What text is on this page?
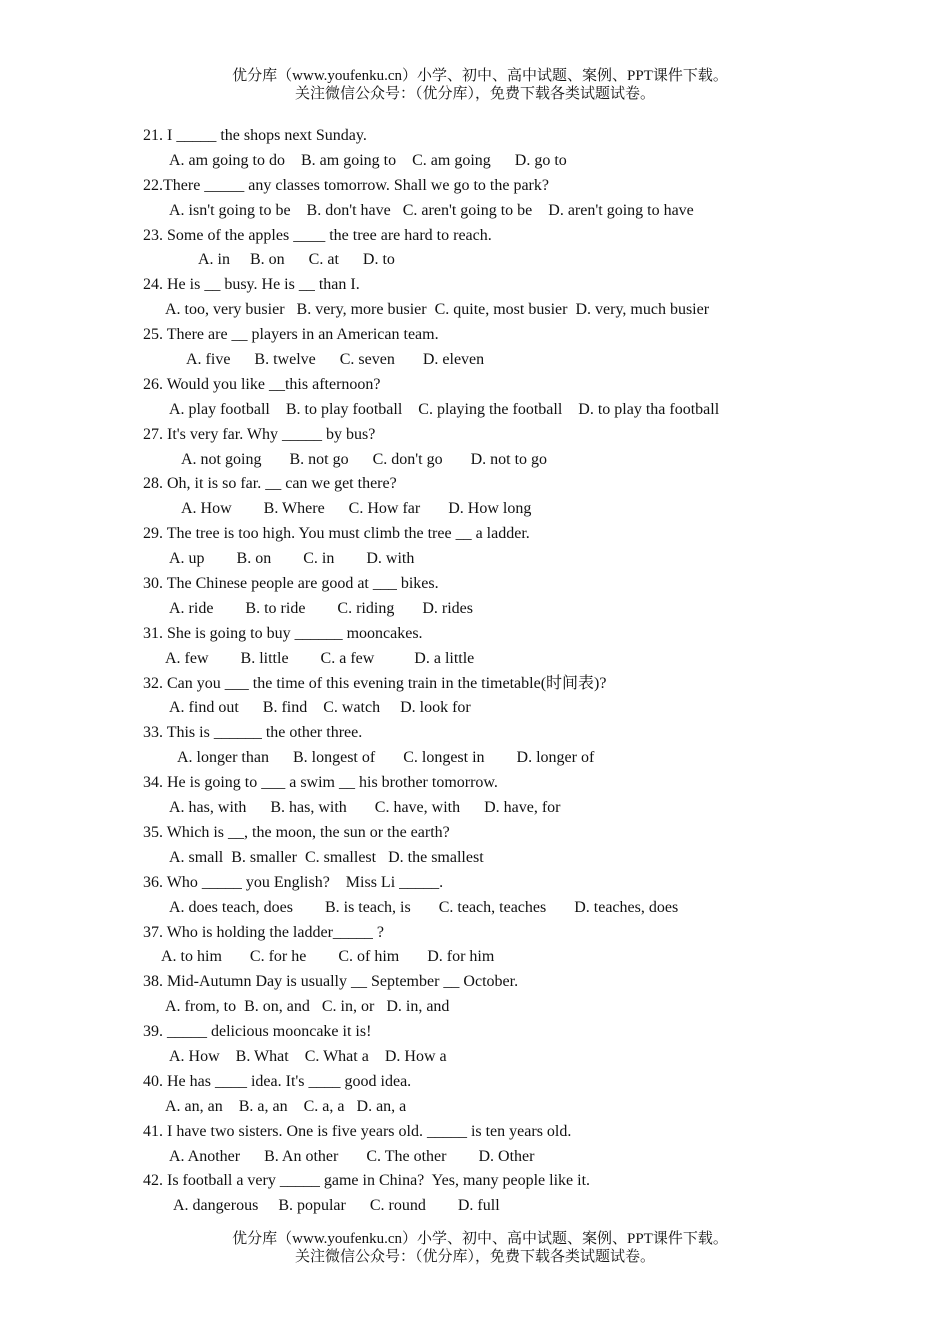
优分库（www.youfenku.cn）小学、初中、高中试题、案例、PPT课件下载。
关注微信公众号：（优分库），免费下载各类试题试卷。
21. I _____ the shops next Sunday.
A. am going to do    B. am going to    C. am going      D. go to
22.There _____ any classes tomorrow. Shall we go to the park?
A. isn't going to be    B. don't have   C. aren't going to be    D. aren't going to have
23. Some of the apples ____ the tree are hard to reach.
A. in     B. on      C. at      D. to
24. He is __ busy. He is __ than I.
A. too, very busier   B. very, more busier  C. quite, most busier  D. very, much busier
25. There are __ players in an American team.
A. five      B. twelve      C. seven       D. eleven
26. Would you like __this afternoon?
A. play football    B. to play football    C. playing the football    D. to play tha football
27. It's very far. Why _____ by bus?
A. not going       B. not go      C. don't go       D. not to go
28. Oh, it is so far. __ can we get there?
A. How        B. Where      C. How far       D. How long
29. The tree is too high. You must climb the tree __ a ladder.
A. up        B. on        C. in        D. with
30. The Chinese people are good at ___ bikes.
A. ride        B. to ride        C. riding       D. rides
31. She is going to buy ______ mooncakes.
A. few        B. little        C. a few          D. a little
32. Can you ___ the time of this evening train in the timetable(时间表)?
A. find out      B. find    C. watch     D. look for
33. This is ______ the other three.
A. longer than      B. longest of       C. longest in        D. longer of
34. He is going to ___ a swim __ his brother tomorrow.
A. has, with      B. has, with       C. have, with      D. have, for
35. Which is __, the moon, the sun or the earth?
A. small  B. smaller  C. smallest   D. the smallest
36. Who _____ you English?    Miss Li _____.
A. does teach, does        B. is teach, is       C. teach, teaches       D. teaches, does
37. Who is holding the ladder_____ ?
A. to him       C. for he        C. of him       D. for him
38. Mid-Autumn Day is usually __ September __ October.
A. from, to  B. on, and   C. in, or   D. in, and
39. _____ delicious mooncake it is!
A. How    B. What    C. What a    D. How a
40. He has ____ idea. It's ____ good idea.
A. an, an    B. a, an    C. a, a   D. an, a
41. I have two sisters. One is five years old. _____ is ten years old.
A. Another      B. An other       C. The other        D. Other
42. Is football a very _____ game in China?  Yes, many people like it.
A. dangerous     B. popular      C. round        D. full
优分库（www.youfenku.cn）小学、初中、高中试题、案例、PPT课件下载。
关注微信公众号：（优分库），免费下载各类试题试卷。
